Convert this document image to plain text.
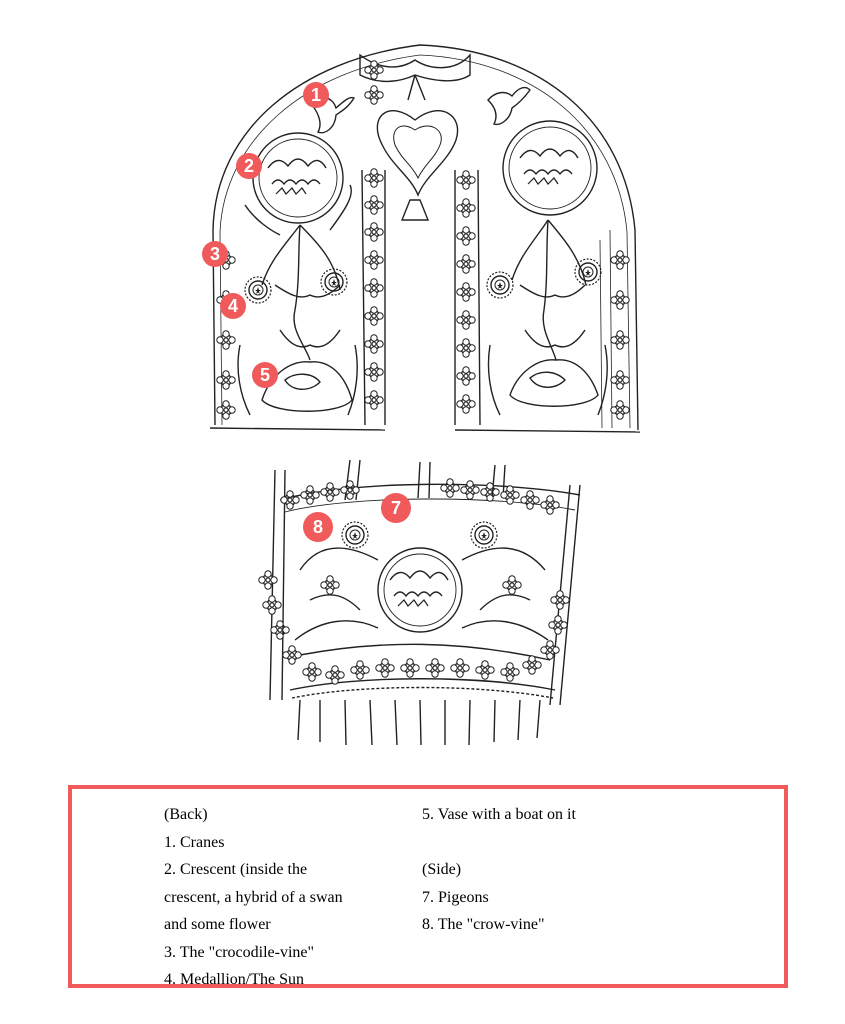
1
2
3
4
5
7
8
(Back)
1. Cranes
2. Crescent (inside the
crescent, a hybrid of a swan
and some flower
3. The "crocodile-vine"
4. Medallion/The Sun
5. Vase with a boat on it
(Side)
7. Pigeons
8. The "crow-vine"
